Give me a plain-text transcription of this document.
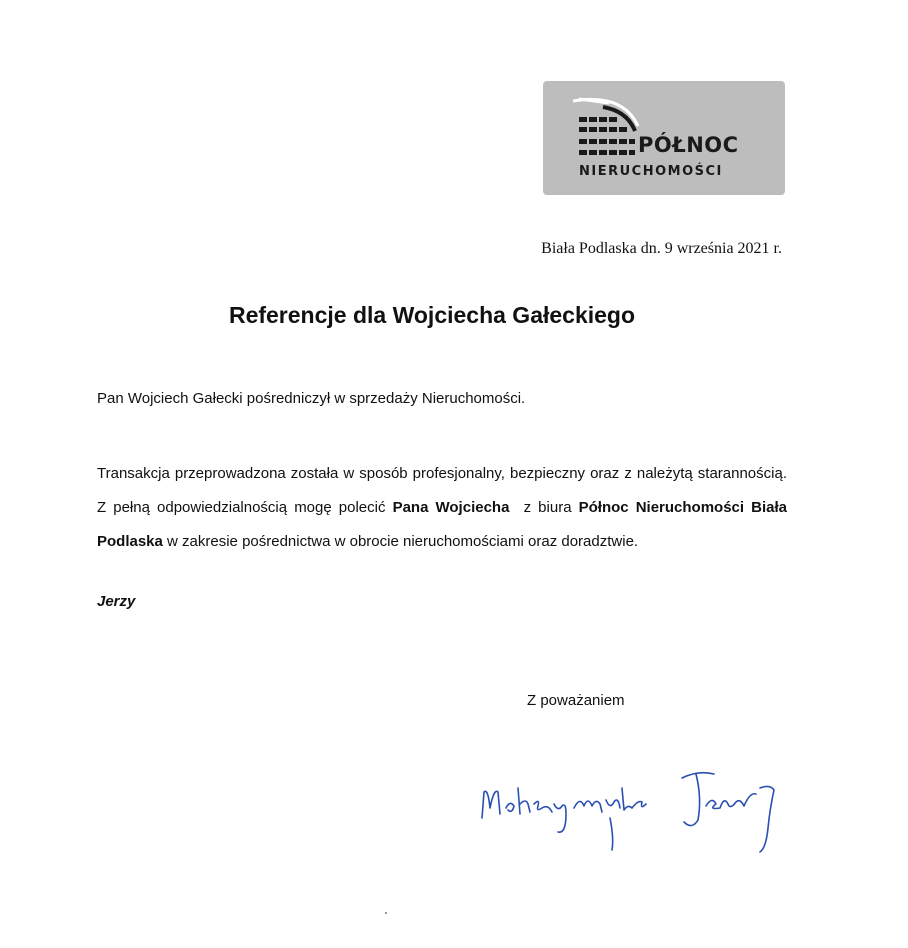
PÓŁNOC
NIERUCHOMOŚCI
Biała Podlaska dn. 9 września 2021 r.
Referencje dla Wojciecha Gałeckiego
Pan Wojciech Gałecki pośredniczył w sprzedaży Nieruchomości.
Transakcja przeprowadzona została w sposób profesjonalny, bezpieczny oraz z należytą starannością. Z pełną odpowiedzialnością mogę polecić Pana Wojciecha  z biura Północ Nieruchomości Biała Podlaska w zakresie pośrednictwa w obrocie nieruchomościami oraz doradztwie.
Jerzy
Z poważaniem
